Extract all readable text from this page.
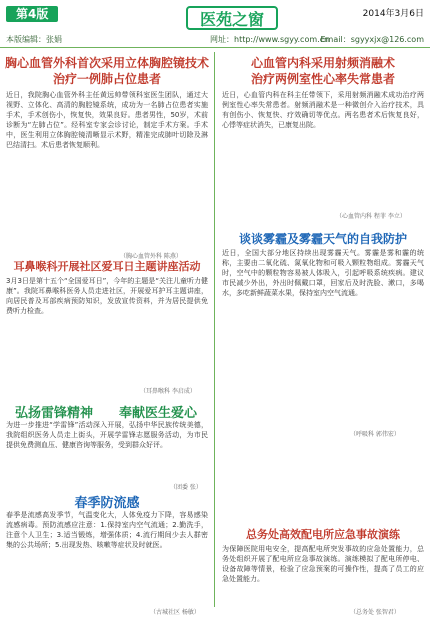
第4版	医苑之窗	2014年3月6日
本版编辑：张娟	网址：http://www.sgyy.com.cn
Email：sgyyxjx@126.com
胸心血管外科首次采用立体胸腔镜技术
治疗一例肺占位患者
近日，我院胸心血管外科主任黄远帅带领科室医生团队，通过大视野、立体化、高清的胸腔镜系统，成功为一名肺占位患者实施手术，手术创伤小，恢复快，效果良好。患者男性，50岁，术前诊断为“左肺占位”。经科室专家会诊讨论，制定手术方案。手术中，医生利用立体胸腔镜清晰显示术野，精准完成肺叶切除及淋巴结清扫。术后患者恢复顺利。
（胸心血管外科 陈燕）
心血管内科采用射频消融术
治疗两例室性心率失常患者
近日，心血管内科在科主任带领下，采用射频消融术成功治疗两例室性心率失常患者。射频消融术是一种微创介入治疗技术，具有创伤小、恢复快、疗效确切等优点。两名患者术后恢复良好，心悸等症状消失，已康复出院。
（心血管内科 程菲 李立）
耳鼻喉科开展社区爱耳日主题讲座活动
3月3日是第十五个“全国爱耳日”，今年的主题是“关注儿童听力健康”。我院耳鼻喉科医务人员走进社区，开展爱耳护耳主题讲座，向居民普及耳部疾病预防知识，发放宣传资料，并为居民提供免费听力检查。
（耳鼻喉科 李启成）
谈谈雾霾及雾霾天气的自我防护
近日，全国大部分地区持续出现雾霾天气。雾霾是雾和霾的统称，主要由二氧化硫、氮氧化物和可吸入颗粒物组成。雾霾天气时，空气中的颗粒物容易被人体吸入，引起呼吸系统疾病。建议市民减少外出，外出时佩戴口罩，回家后及时洗脸、漱口，多喝水，多吃新鲜蔬菜水果，保持室内空气流通。
（呼吸科 郭伟宏）
弘扬雷锋精神	奉献医生爱心
为进一步推进“学雷锋”活动深入开展，弘扬中华民族传统美德，我院组织医务人员走上街头，开展学雷锋志愿服务活动，为市民提供免费测血压、健康咨询等服务，受到群众好评。
（团委 张）
春季防流感
春季是流感高发季节，气温变化大，人体免疫力下降，容易感染流感病毒。预防流感应注意：1.保持室内空气流通；2.勤洗手，注意个人卫生；3.适当锻炼，增强体质；4.流行期间少去人群密集的公共场所；5.出现发热、咳嗽等症状及时就医。
（古城社区 杨敏）
总务处高效配电所应急事故演练
为保障医院用电安全，提高配电所突发事故的应急处置能力，总务处组织开展了配电所应急事故演练。演练模拟了配电所停电、设备故障等情景，检验了应急预案的可操作性，提高了员工的应急处置能力。
（总务处 张智君）
